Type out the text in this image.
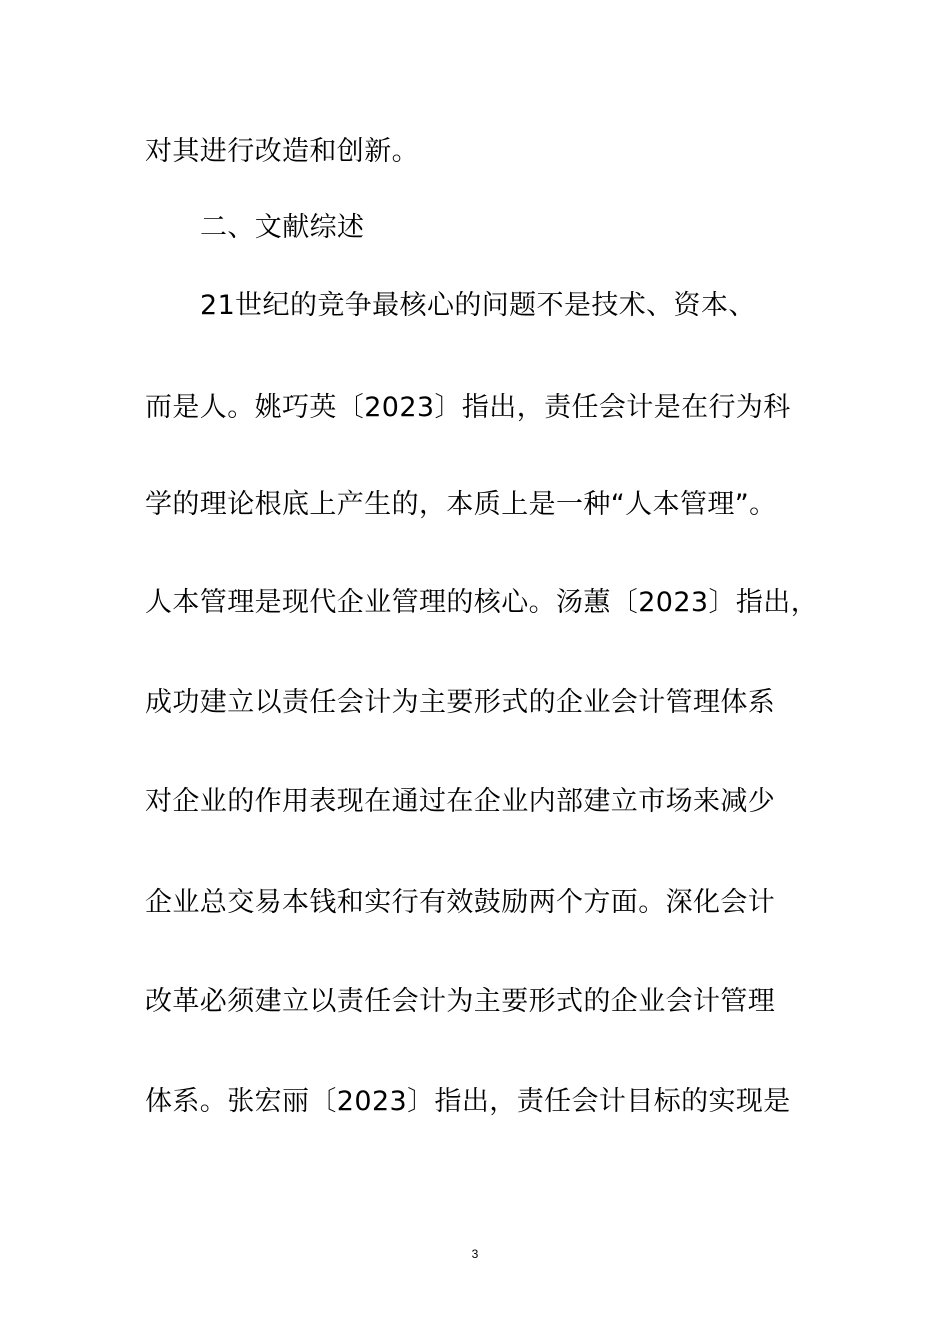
对其进行改造和创新。
二、文献综述
21世纪的竞争最核心的问题不是技术、资本、
而是人。姚巧英〔2023〕指出，责任会计是在行为科
学的理论根底上产生的，本质上是一种“人本管理”。
人本管理是现代企业管理的核心。汤蕙〔2023〕指出，
成功建立以责任会计为主要形式的企业会计管理体系
对企业的作用表现在通过在企业内部建立市场来减少
企业总交易本钱和实行有效鼓励两个方面。深化会计
改革必须建立以责任会计为主要形式的企业会计管理
体系。张宏丽〔2023〕指出，责任会计目标的实现是
3
